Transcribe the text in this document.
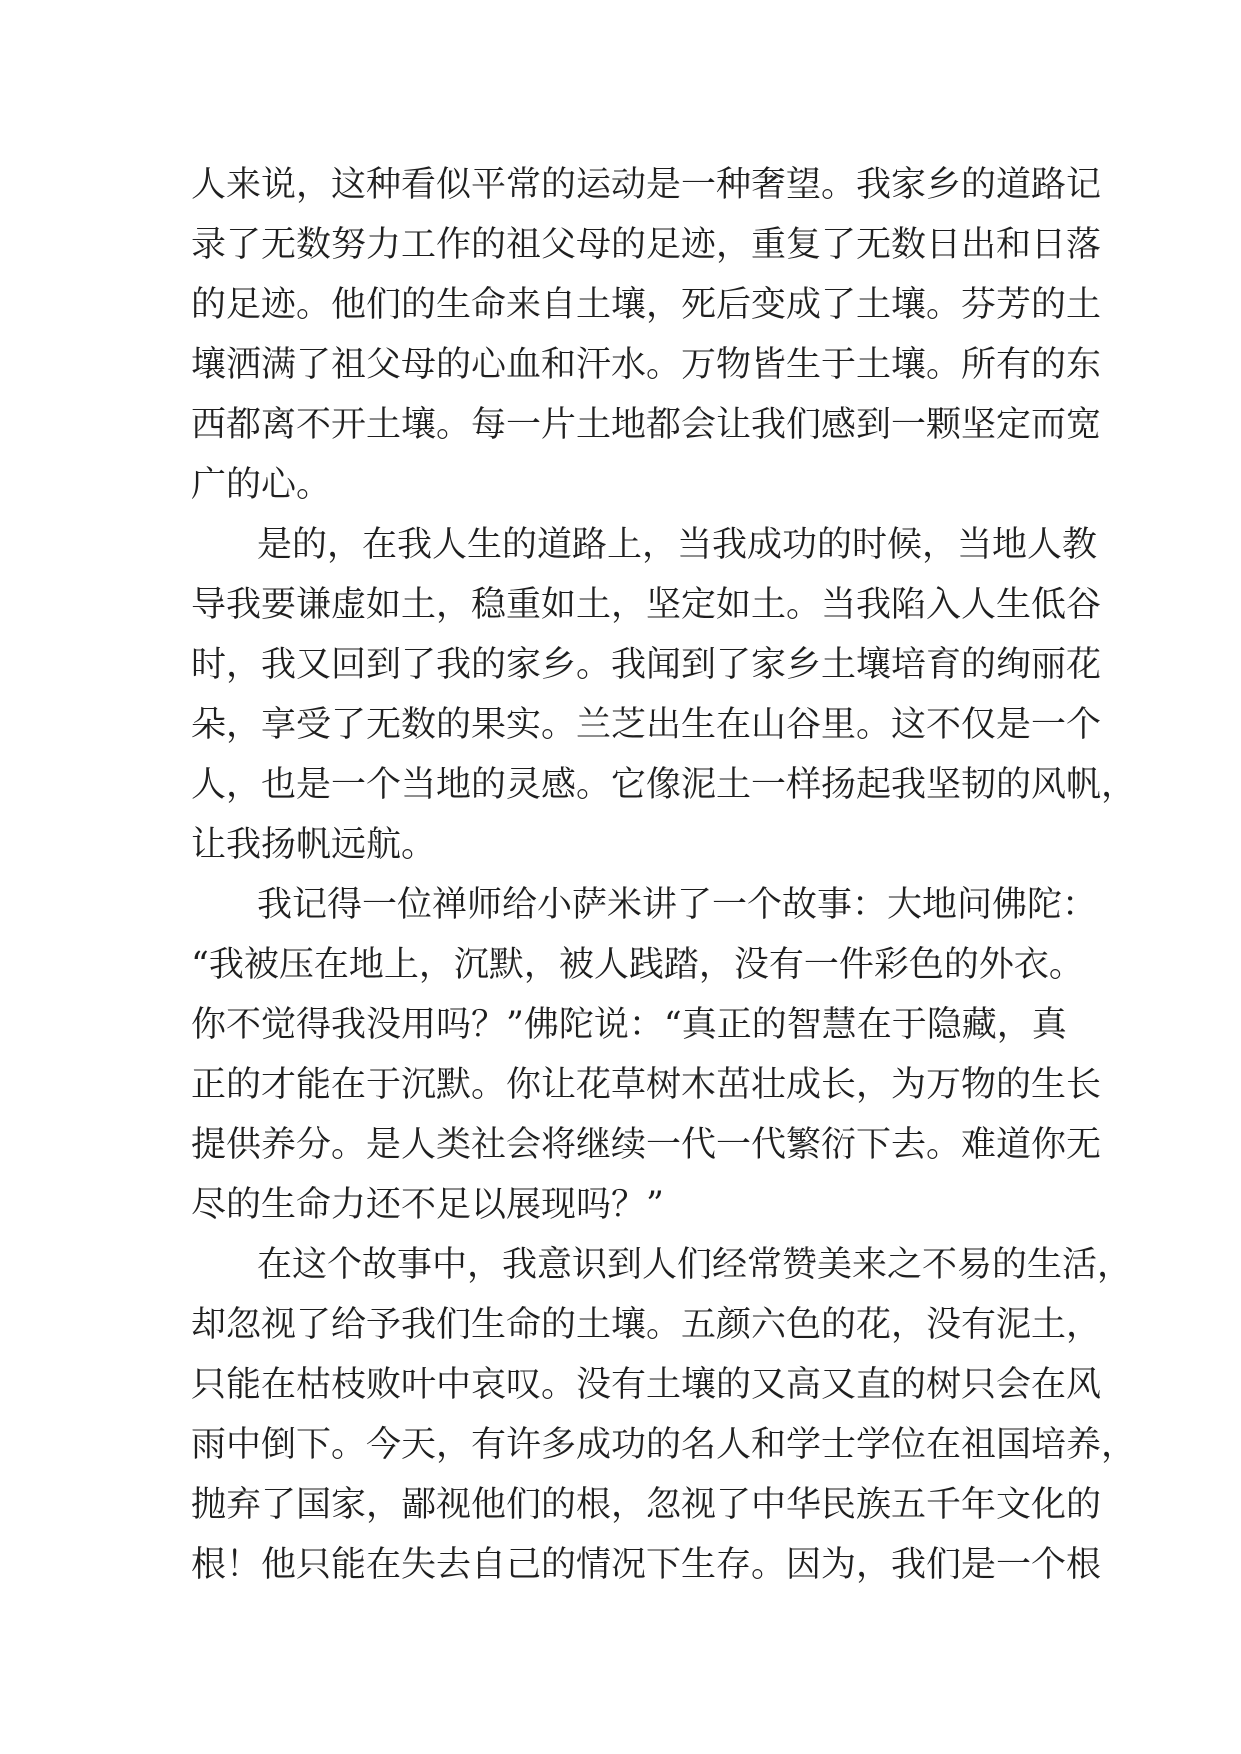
人来说，这种看似平常的运动是一种奢望。我家乡的道路记
录了无数努力工作的祖父母的足迹，重复了无数日出和日落
的足迹。他们的生命来自土壤，死后变成了土壤。芬芳的土
壤洒满了祖父母的心血和汗水。万物皆生于土壤。所有的东
西都离不开土壤。每一片土地都会让我们感到一颗坚定而宽
广的心。
是的，在我人生的道路上，当我成功的时候，当地人教
导我要谦虚如土，稳重如土，坚定如土。当我陷入人生低谷
时，我又回到了我的家乡。我闻到了家乡土壤培育的绚丽花
朵，享受了无数的果实。兰芝出生在山谷里。这不仅是一个
人，也是一个当地的灵感。它像泥土一样扬起我坚韧的风帆，
让我扬帆远航。
我记得一位禅师给小萨米讲了一个故事：大地问佛陀：
“我被压在地上，沉默，被人践踏，没有一件彩色的外衣。
你不觉得我没用吗？”佛陀说：“真正的智慧在于隐藏，真
正的才能在于沉默。你让花草树木茁壮成长，为万物的生长
提供养分。是人类社会将继续一代一代繁衍下去。难道你无
尽的生命力还不足以展现吗？”
在这个故事中，我意识到人们经常赞美来之不易的生活，
却忽视了给予我们生命的土壤。五颜六色的花，没有泥土，
只能在枯枝败叶中哀叹。没有土壤的又高又直的树只会在风
雨中倒下。今天，有许多成功的名人和学士学位在祖国培养，
抛弃了国家，鄙视他们的根，忽视了中华民族五千年文化的
根！他只能在失去自己的情况下生存。因为，我们是一个根
